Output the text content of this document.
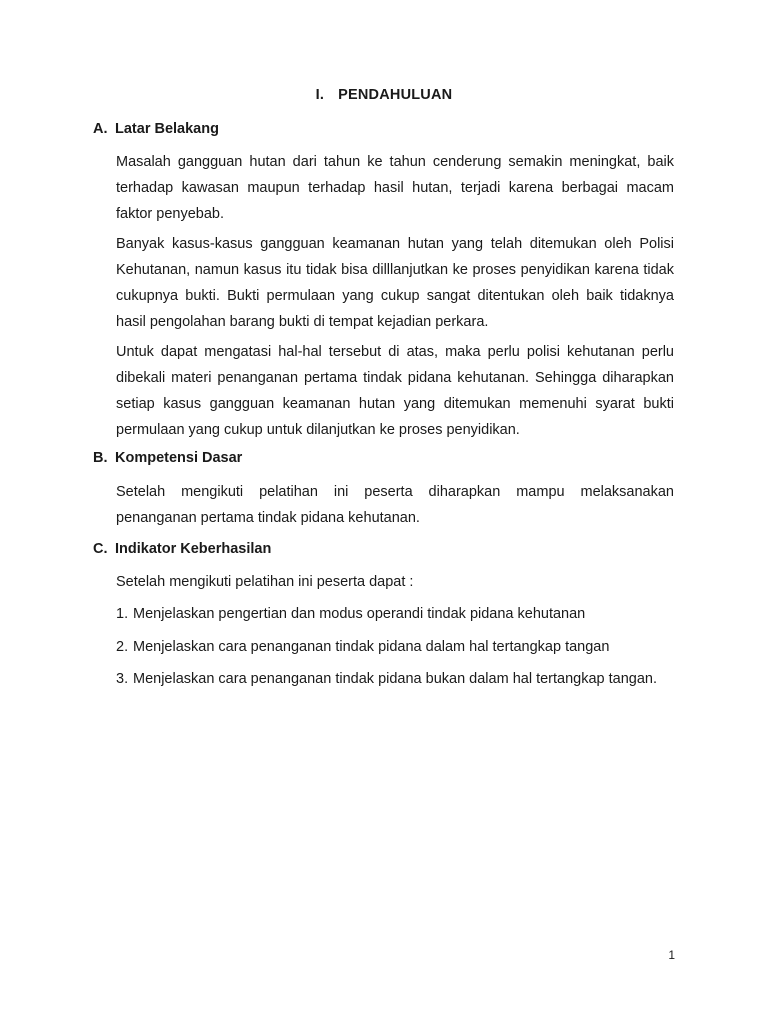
I. PENDAHULUAN
A. Latar Belakang

Masalah gangguan hutan dari tahun ke tahun cenderung semakin meningkat, baik terhadap kawasan maupun terhadap hasil hutan, terjadi karena berbagai macam faktor penyebab.

Banyak kasus-kasus gangguan keamanan hutan yang telah ditemukan oleh Polisi Kehutanan, namun kasus itu tidak bisa dilllanjutkan ke proses penyidikan karena tidak cukupnya bukti. Bukti permulaan yang cukup sangat ditentukan oleh baik tidaknya hasil pengolahan barang bukti di tempat kejadian perkara.

Untuk dapat mengatasi hal-hal tersebut di atas, maka perlu polisi kehutanan perlu dibekali materi penanganan pertama tindak pidana kehutanan. Sehingga diharapkan setiap kasus gangguan keamanan hutan yang ditemukan memenuhi syarat bukti permulaan yang cukup untuk dilanjutkan ke proses penyidikan.

B. Kompetensi Dasar

Setelah mengikuti pelatihan ini peserta diharapkan mampu melaksanakan penanganan pertama tindak pidana kehutanan.

C. Indikator Keberhasilan

Setelah mengikuti pelatihan ini peserta dapat :

1. Menjelaskan pengertian dan modus operandi tindak pidana kehutanan
2. Menjelaskan cara penanganan tindak pidana dalam hal tertangkap tangan
3. Menjelaskan cara penanganan tindak pidana bukan dalam hal tertangkap tangan.
1
